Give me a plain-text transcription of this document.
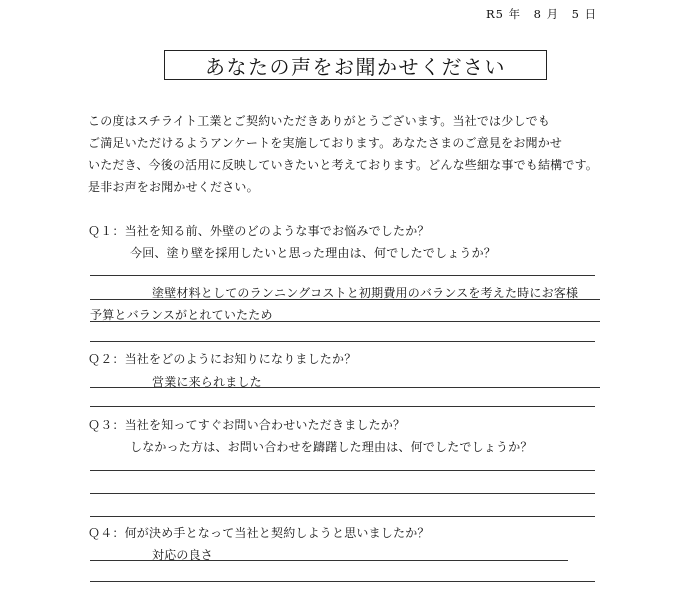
R5 年　8 月　5 日
あなたの声をお聞かせください
この度はスチライト工業とご契約いただきありがとうございます。当社では少しでも
ご満足いただけるようアンケートを実施しております。あなたさまのご意見をお聞かせ
いただき、今後の活用に反映していきたいと考えております。どんな些細な事でも結構です。
是非お声をお聞かせください。
Ｑ１：当社を知る前、外壁のどのような事でお悩みでしたか？
今回、塗り壁を採用したいと思った理由は、何でしたでしょうか？
塗壁材料としてのランニングコストと初期費用のバランスを考えた時にお客様
予算とバランスがとれていたため
Ｑ２：当社をどのようにお知りになりましたか？
営業に来られました
Ｑ３：当社を知ってすぐお問い合わせいただきましたか？
しなかった方は、お問い合わせを躊躇した理由は、何でしたでしょうか？
Ｑ４：何が決め手となって当社と契約しようと思いましたか？
対応の良さ
